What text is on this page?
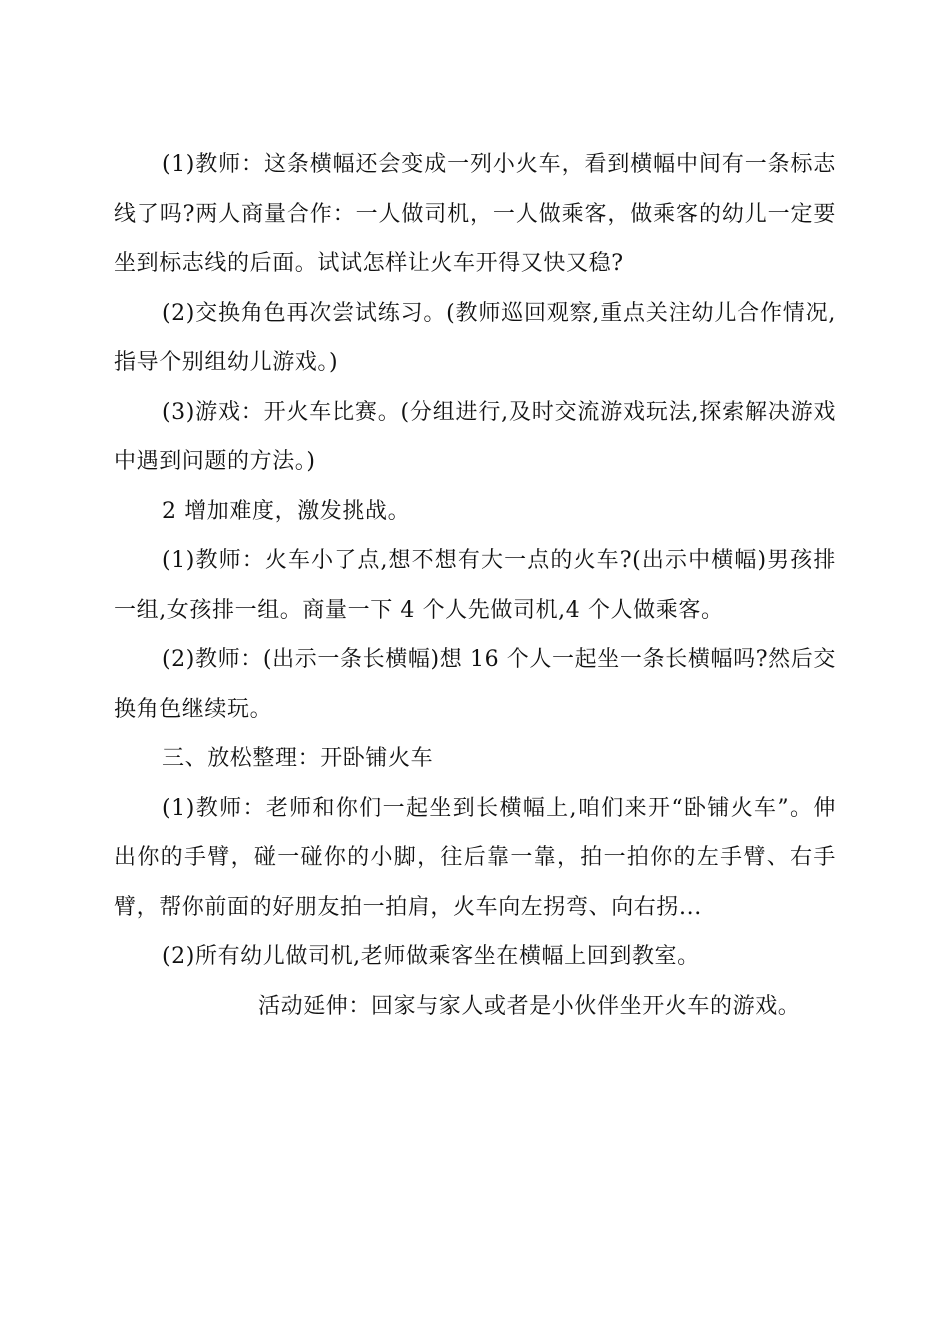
(1)教师：这条横幅还会变成一列小火车，看到横幅中间有一条标志线了吗?两人商量合作：一人做司机，一人做乘客，做乘客的幼儿一定要坐到标志线的后面。试试怎样让火车开得又快又稳?

(2)交换角色再次尝试练习。(教师巡回观察,重点关注幼儿合作情况,指导个别组幼儿游戏。)

(3)游戏：开火车比赛。(分组进行,及时交流游戏玩法,探索解决游戏中遇到问题的方法。)

2 增加难度，激发挑战。

(1)教师：火车小了点,想不想有大一点的火车?(出示中横幅)男孩排一组,女孩排一组。商量一下 4 个人先做司机,4 个人做乘客。

(2)教师：(出示一条长横幅)想 16 个人一起坐一条长横幅吗?然后交换角色继续玩。

三、放松整理：开卧铺火车

(1)教师：老师和你们一起坐到长横幅上,咱们来开“卧铺火车”。伸出你的手臂，碰一碰你的小脚，往后靠一靠，拍一拍你的左手臂、右手臂，帮你前面的好朋友拍一拍肩，火车向左拐弯、向右拐...

(2)所有幼儿做司机,老师做乘客坐在横幅上回到教室。

活动延伸：回家与家人或者是小伙伴坐开火车的游戏。
